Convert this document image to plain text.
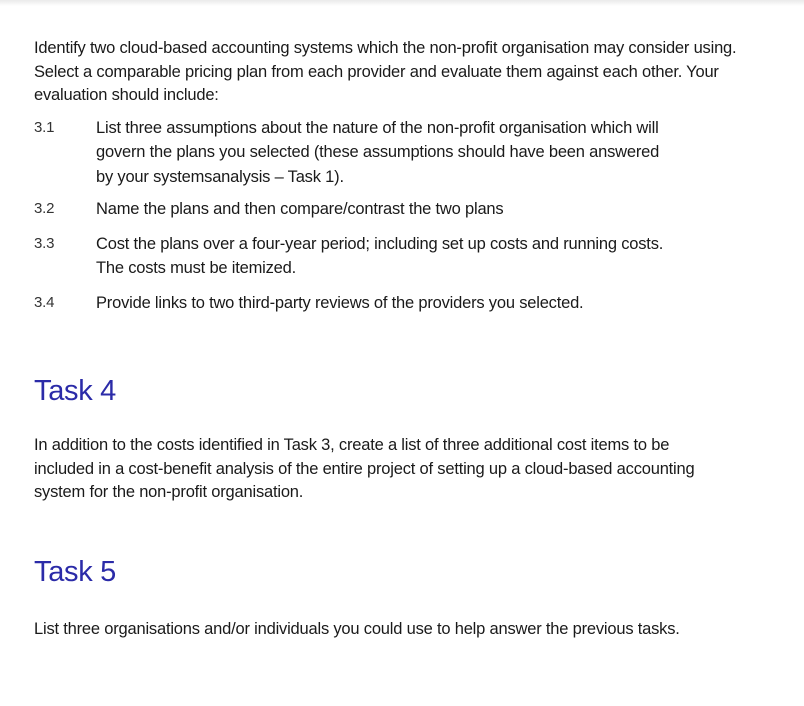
Identify two cloud-based accounting systems which the non-profit organisation may consider using. Select a comparable pricing plan from each provider and evaluate them against each other. Your evaluation should include:

3.1	List three assumptions about the nature of the non-profit organisation which will govern the plans you selected (these assumptions should have been answered by your systemsanalysis – Task 1).
3.2	Name the plans and then compare/contrast the two plans
3.3	Cost the plans over a four-year period; including set up costs and running costs. The costs must be itemized.
3.4	Provide links to two third-party reviews of the providers you selected.
Task 4

In addition to the costs identified in Task 3, create a list of three additional cost items to be included in a cost-benefit analysis of the entire project of setting up a cloud-based accounting system for the non-profit organisation.

Task 5

List three organisations and/or individuals you could use to help answer the previous tasks.
